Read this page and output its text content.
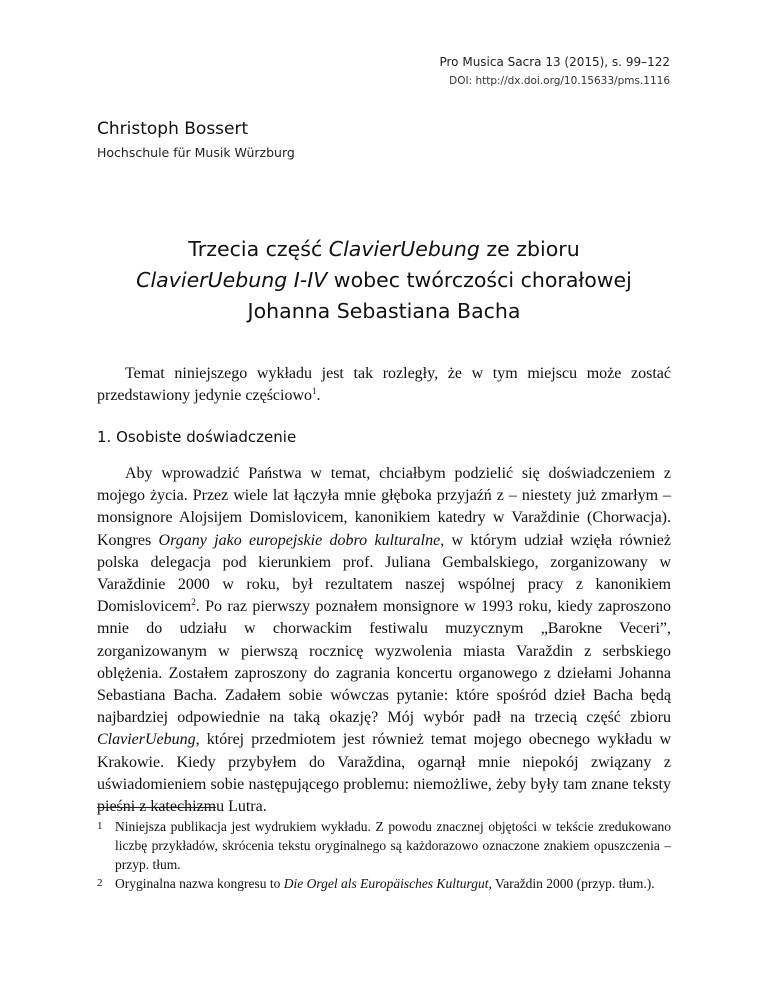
Pro Musica Sacra 13 (2015), s. 99–122
DOI: http://dx.doi.org/10.15633/pms.1116
Christoph Bossert
Hochschule für Musik Würzburg
Trzecia część ClavierUebung ze zbioru
ClavierUebung I-IV wobec twórczości chorałowej
Johanna Sebastiana Bacha

Temat niniejszego wykładu jest tak rozległy, że w tym miejscu może zostać przedstawiony jedynie częściowo$^1$.

1. Osobiste doświadczenie

Aby wprowadzić Państwa w temat, chciałbym podzielić się doświadczeniem z mojego życia. Przez wiele lat łączyła mnie głęboka przyjaźń z – niestety już zmarłym – monsignore Alojsijem Domislovicem, kanonikiem katedry w Varaždinie (Chorwacja). Kongres Organy jako europejskie dobro kulturalne, w którym udział wzięła również polska delegacja pod kierunkiem prof. Juliana Gembalskiego, zorganizowany w Varaždinie 2000 w roku, był rezultatem naszej wspólnej pracy z kanonikiem Domislovicem$^2$. Po raz pierwszy poznałem monsignore w 1993 roku, kiedy zaproszono mnie do udziału w chorwackim festiwalu muzycznym „Barokne Veceri”, zorganizowanym w pierwszą rocznicę wyzwolenia miasta Varaždin z serbskiego oblężenia. Zostałem zaproszony do zagrania koncertu organowego z dziełami Johanna Sebastiana Bacha. Zadałem sobie wówczas pytanie: które spośród dzieł Bacha będą najbardziej odpowiednie na taką okazję? Mój wybór padł na trzecią część zbioru ClavierUebung, której przedmiotem jest również temat mojego obecnego wykładu w Krakowie. Kiedy przybyłem do Varaždina, ogarnął mnie niepokój związany z uświadomieniem sobie następującego problemu: niemożliwe, żeby były tam znane teksty pieśni z katechizmu Lutra.

1 Niniejsza publikacja jest wydrukiem wykładu. Z powodu znacznej objętości w tekście zredukowano liczbę przykładów, skrócenia tekstu oryginalnego są każdorazowo oznaczone znakiem opuszczenia – przyp. tłum.

2 Oryginalna nazwa kongresu to Die Orgel als Europäisches Kulturgut, Varaždin 2000 (przyp. tłum.).
